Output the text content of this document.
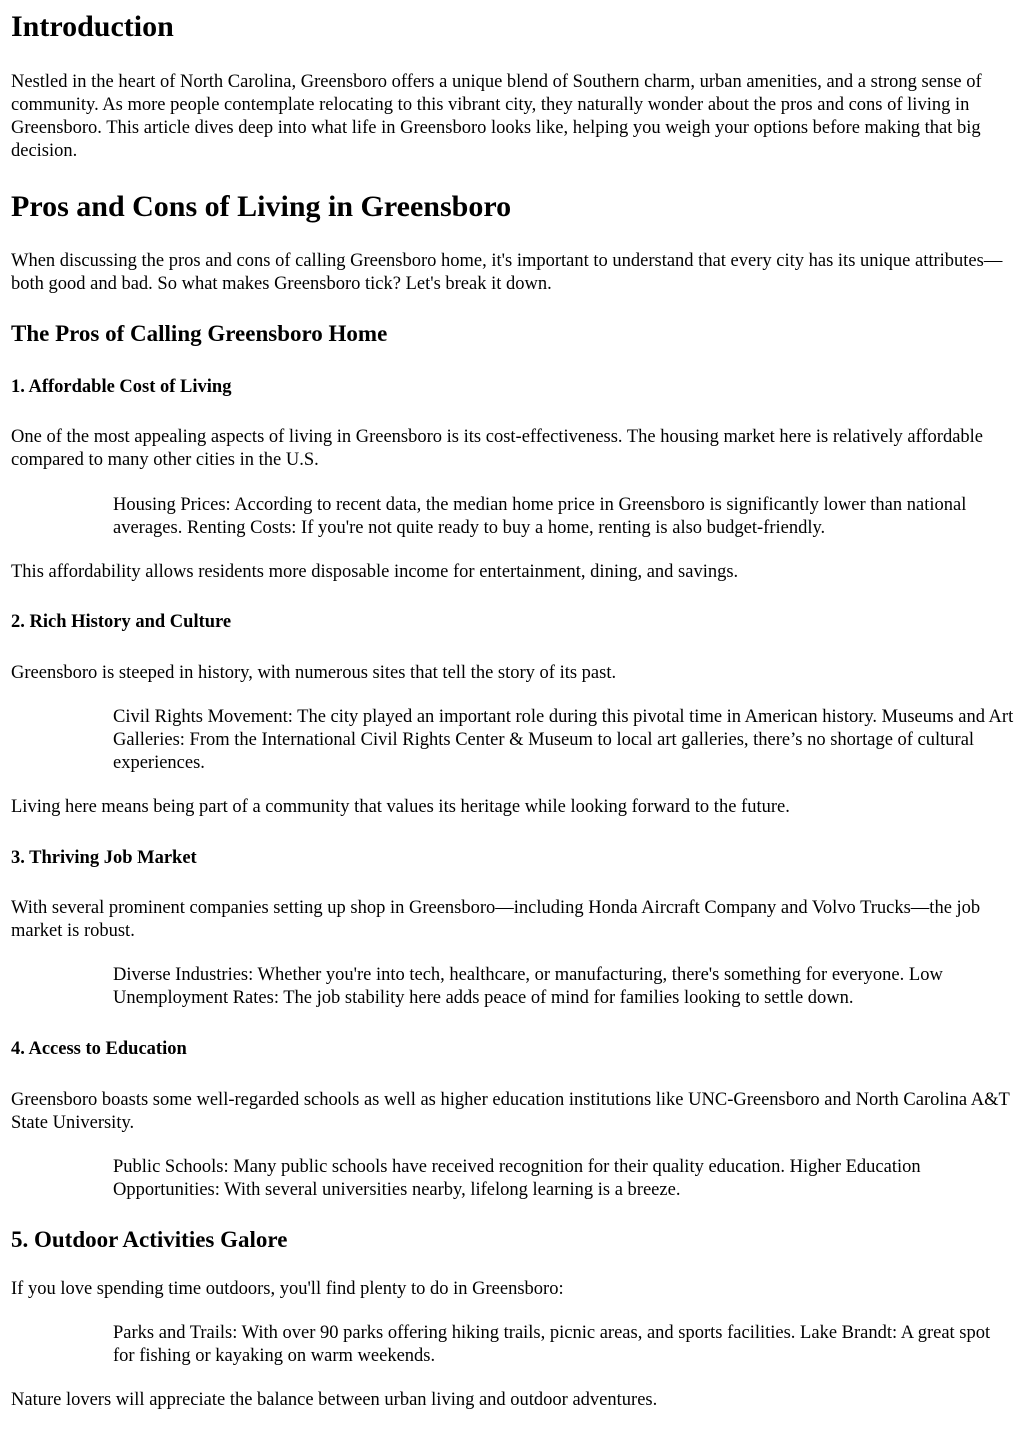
Introduction

Nestled in the heart of North Carolina, Greensboro offers a unique blend of Southern charm, urban amenities, and a strong sense of community. As more people contemplate relocating to this vibrant city, they naturally wonder about the pros and cons of living in Greensboro. This article dives deep into what life in Greensboro looks like, helping you weigh your options before making that big decision.

Pros and Cons of Living in Greensboro

When discussing the pros and cons of calling Greensboro home, it's important to understand that every city has its unique attributes—both good and bad. So what makes Greensboro tick? Let's break it down.

The Pros of Calling Greensboro Home
1. Affordable Cost of Living

One of the most appealing aspects of living in Greensboro is its cost-effectiveness. The housing market here is relatively affordable compared to many other cities in the U.S.

Housing Prices: According to recent data, the median home price in Greensboro is significantly lower than national averages. Renting Costs: If you're not quite ready to buy a home, renting is also budget-friendly.

This affordability allows residents more disposable income for entertainment, dining, and savings.

2. Rich History and Culture

Greensboro is steeped in history, with numerous sites that tell the story of its past.

Civil Rights Movement: The city played an important role during this pivotal time in American history. Museums and Art Galleries: From the International Civil Rights Center & Museum to local art galleries, there’s no shortage of cultural experiences.

Living here means being part of a community that values its heritage while looking forward to the future.

3. Thriving Job Market

With several prominent companies setting up shop in Greensboro—including Honda Aircraft Company and Volvo Trucks—the job market is robust.

Diverse Industries: Whether you're into tech, healthcare, or manufacturing, there's something for everyone. Low Unemployment Rates: The job stability here adds peace of mind for families looking to settle down.
4. Access to Education

Greensboro boasts some well-regarded schools as well as higher education institutions like UNC-Greensboro and North Carolina A&T State University.

Public Schools: Many public schools have received recognition for their quality education. Higher Education Opportunities: With several universities nearby, lifelong learning is a breeze.
5. Outdoor Activities Galore

If you love spending time outdoors, you'll find plenty to do in Greensboro:

Parks and Trails: With over 90 parks offering hiking trails, picnic areas, and sports facilities. Lake Brandt: A great spot for fishing or kayaking on warm weekends.

Nature lovers will appreciate the balance between urban living and outdoor adventures.
